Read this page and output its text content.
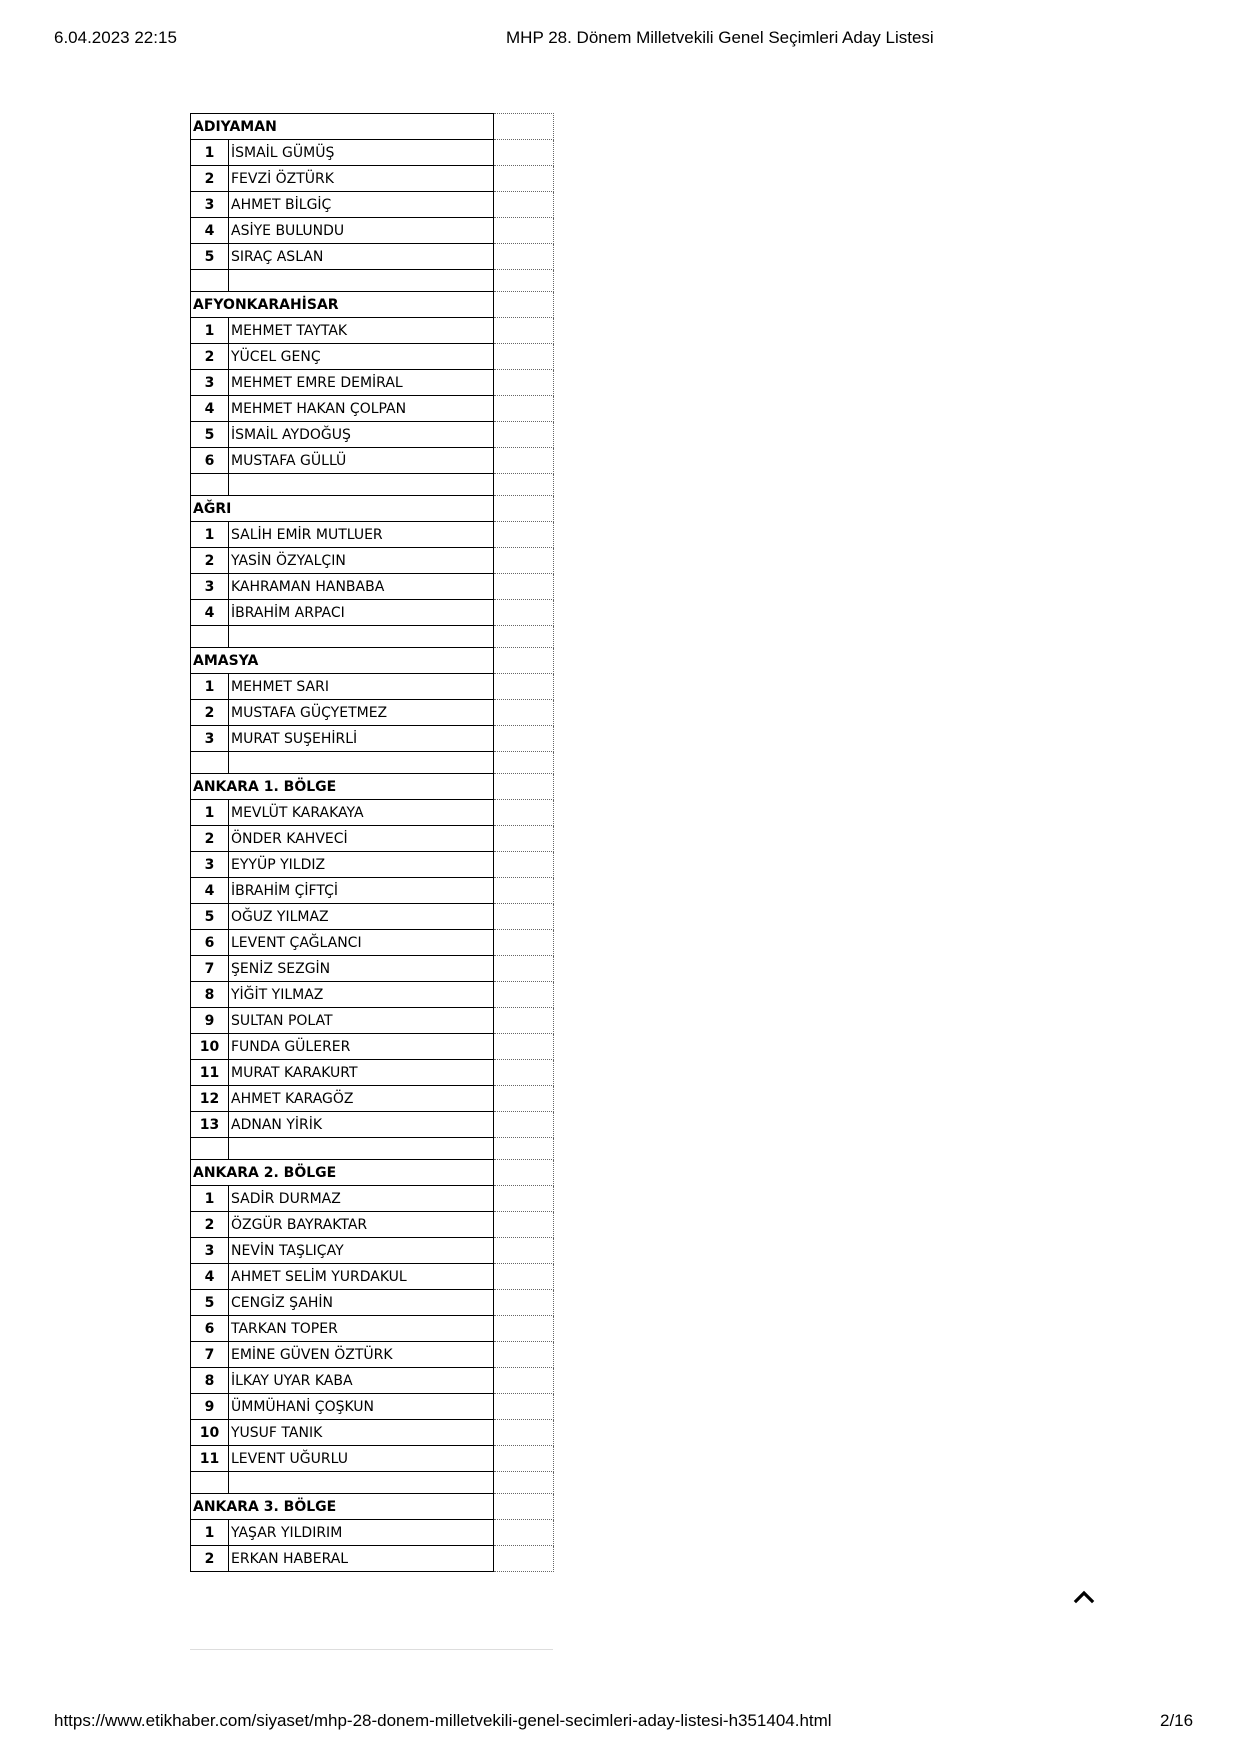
6.04.2023 22:15	MHP 28. Dönem Milletvekili Genel Seçimleri Aday Listesi
ADIYAMAN		
1	İSMAİL GÜMÜŞ	
2	FEVZİ ÖZTÜRK	
3	AHMET BİLGİÇ	
4	ASİYE BULUNDU	
5	SIRAÇ ASLAN	

AFYONKARAHİSAR		
1	MEHMET TAYTAK	
2	YÜCEL GENÇ	
3	MEHMET EMRE DEMİRAL	
4	MEHMET HAKAN ÇOLPAN	
5	İSMAİL AYDOĞUŞ	
6	MUSTAFA GÜLLÜ	

AĞRI		
1	SALİH EMİR MUTLUER	
2	YASİN ÖZYALÇIN	
3	KAHRAMAN HANBABA	
4	İBRAHİM ARPACI	

AMASYA		
1	MEHMET SARI	
2	MUSTAFA GÜÇYETMEZ	
3	MURAT SUŞEHİRLİ	

ANKARA 1. BÖLGE		
1	MEVLÜT KARAKAYA	
2	ÖNDER KAHVECİ	
3	EYYÜP YILDIZ	
4	İBRAHİM ÇİFTÇİ	
5	OĞUZ YILMAZ	
6	LEVENT ÇAĞLANCI	
7	ŞENİZ SEZGİN	
8	YİĞİT YILMAZ	
9	SULTAN POLAT	
10	FUNDA GÜLERER	
11	MURAT KARAKURT	
12	AHMET KARAGÖZ	
13	ADNAN YİRİK	

ANKARA 2. BÖLGE		
1	SADİR DURMAZ	
2	ÖZGÜR BAYRAKTAR	
3	NEVİN TAŞLIÇAY	
4	AHMET SELİM YURDAKUL	
5	CENGİZ ŞAHİN	
6	TARKAN TOPER	
7	EMİNE GÜVEN ÖZTÜRK	
8	İLKAY UYAR KABA	
9	ÜMMÜHANİ ÇOŞKUN	
10	YUSUF TANIK	
11	LEVENT UĞURLU	

ANKARA 3. BÖLGE		
1	YAŞAR YILDIRIM	
2	ERKAN HABERAL	
https://www.etikhaber.com/siyaset/mhp-28-donem-milletvekili-genel-secimleri-aday-listesi-h351404.html	2/16
